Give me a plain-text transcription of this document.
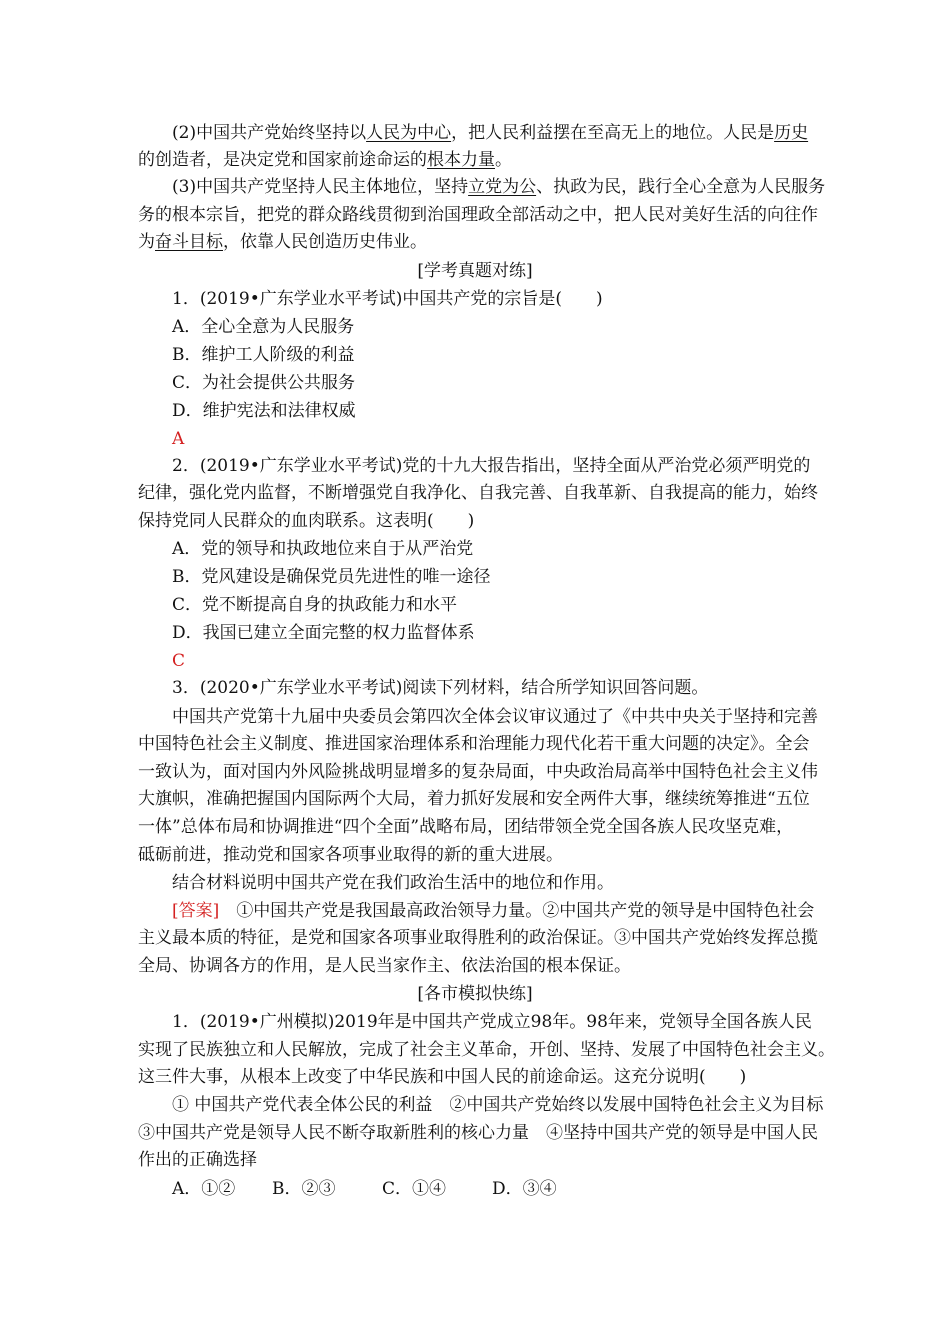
(2)中国共产党始终坚持以人民为中心，把人民利益摆在至高无上的地位。人民是历史
的创造者，是决定党和国家前途命运的根本力量。
(3)中国共产党坚持人民主体地位，坚持立党为公、执政为民，践行全心全意为人民服务
务的根本宗旨，把党的群众路线贯彻到治国理政全部活动之中，把人民对美好生活的向往作
为奋斗目标，依靠人民创造历史伟业。
[学考真题对练]
1．(2019•广东学业水平考试)中国共产党的宗旨是(　　)
A．全心全意为人民服务
B．维护工人阶级的利益
C．为社会提供公共服务
D．维护宪法和法律权威
A
2．(2019•广东学业水平考试)党的十九大报告指出，坚持全面从严治党必须严明党的
纪律，强化党内监督，不断增强党自我净化、自我完善、自我革新、自我提高的能力，始终
保持党同人民群众的血肉联系。这表明(　　)
A．党的领导和执政地位来自于从严治党
B．党风建设是确保党员先进性的唯一途径
C．党不断提高自身的执政能力和水平
D．我国已建立全面完整的权力监督体系
C
3．(2020•广东学业水平考试)阅读下列材料，结合所学知识回答问题。
中国共产党第十九届中央委员会第四次全体会议审议通过了《中共中央关于坚持和完善
中国特色社会主义制度、推进国家治理体系和治理能力现代化若干重大问题的决定》。全会
一致认为，面对国内外风险挑战明显增多的复杂局面，中央政治局高举中国特色社会主义伟
大旗帜，准确把握国内国际两个大局，着力抓好发展和安全两件大事，继续统筹推进“五位
一体”总体布局和协调推进“四个全面”战略布局，团结带领全党全国各族人民攻坚克难，
砥砺前进，推动党和国家各项事业取得的新的重大进展。
结合材料说明中国共产党在我们政治生活中的地位和作用。
[答案]  ①中国共产党是我国最高政治领导力量。②中国共产党的领导是中国特色社会
主义最本质的特征，是党和国家各项事业取得胜利的政治保证。③中国共产党始终发挥总揽
全局、协调各方的作用，是人民当家作主、依法治国的根本保证。
[各市模拟快练]
1．(2019•广州模拟)2019年是中国共产党成立98年。98年来，党领导全国各族人民
实现了民族独立和人民解放，完成了社会主义革命，开创、坚持、发展了中国特色社会主义。
这三件大事，从根本上改变了中华民族和中国人民的前途命运。这充分说明(　　)
① 中国共产党代表全体公民的利益　②中国共产党始终以发展中国特色社会主义为目标
③中国共产党是领导人民不断夺取新胜利的核心力量　④坚持中国共产党的领导是中国人民
作出的正确选择
A．①② B．②③	C．①④	D．③④
